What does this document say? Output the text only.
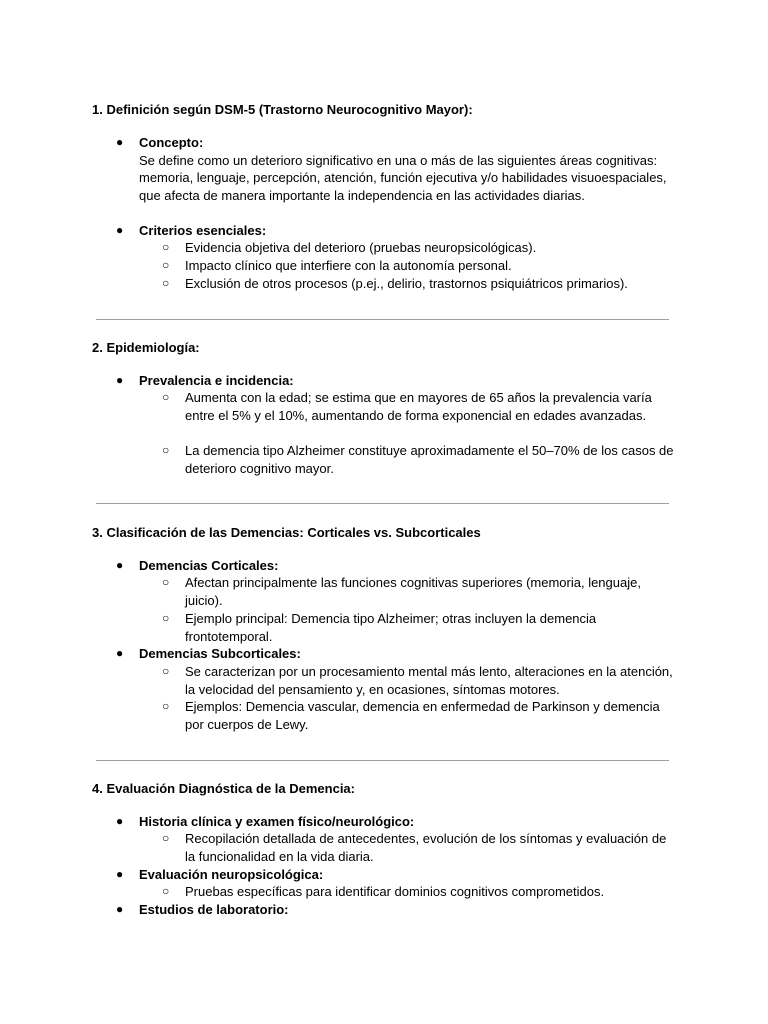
1. Definición según DSM-5 (Trastorno Neurocognitivo Mayor):
● Concepto:
Se define como un deterioro significativo en una o más de las siguientes áreas cognitivas: memoria, lenguaje, percepción, atención, función ejecutiva y/o habilidades visuoespaciales, que afecta de manera importante la independencia en las actividades diarias.
● Criterios esenciales:
○ Evidencia objetiva del deterioro (pruebas neuropsicológicas).
○ Impacto clínico que interfiere con la autonomía personal.
○ Exclusión de otros procesos (p.ej., delirio, trastornos psiquiátricos primarios).
2. Epidemiología:
● Prevalencia e incidencia:
○ Aumenta con la edad; se estima que en mayores de 65 años la prevalencia varía entre el 5% y el 10%, aumentando de forma exponencial en edades avanzadas.
○ La demencia tipo Alzheimer constituye aproximadamente el 50–70% de los casos de deterioro cognitivo mayor.
3. Clasificación de las Demencias: Corticales vs. Subcorticales
● Demencias Corticales:
○ Afectan principalmente las funciones cognitivas superiores (memoria, lenguaje, juicio).
○ Ejemplo principal: Demencia tipo Alzheimer; otras incluyen la demencia frontotemporal.
● Demencias Subcorticales:
○ Se caracterizan por un procesamiento mental más lento, alteraciones en la atención, la velocidad del pensamiento y, en ocasiones, síntomas motores.
○ Ejemplos: Demencia vascular, demencia en enfermedad de Parkinson y demencia por cuerpos de Lewy.
4. Evaluación Diagnóstica de la Demencia:
● Historia clínica y examen físico/neurológico:
○ Recopilación detallada de antecedentes, evolución de los síntomas y evaluación de la funcionalidad en la vida diaria.
● Evaluación neuropsicológica:
○ Pruebas específicas para identificar dominios cognitivos comprometidos.
● Estudios de laboratorio:
